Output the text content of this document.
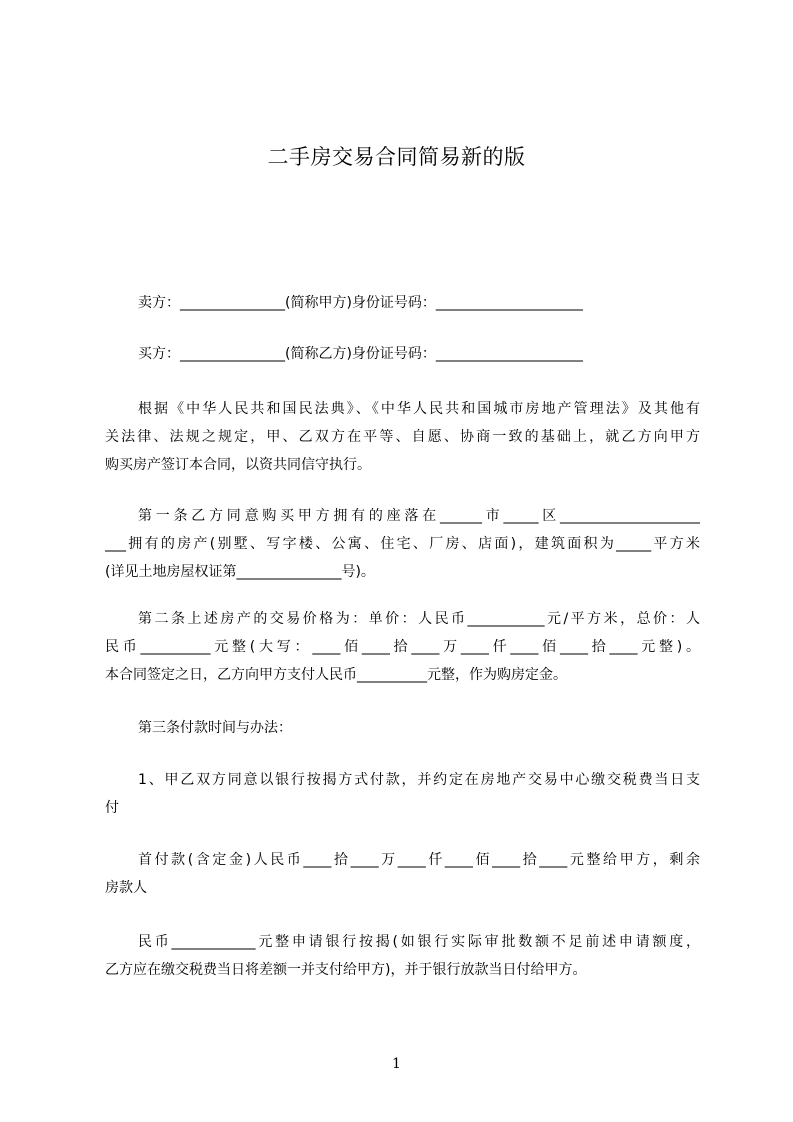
二手房交易合同简易新的版
卖方：_______________(简称甲方)身份证号码：_____________________
买方：_______________(简称乙方)身份证号码：_____________________
根据《中华人民共和国民法典》、《中华人民共和国城市房地产管理法》及其他有
关法律、法规之规定，甲、乙双方在平等、自愿、协商一致的基础上，就乙方向甲方
购买房产签订本合同，以资共同信守执行。
第一条乙方同意购买甲方拥有的座落在______市_____区____________________
___拥有的房产(别墅、写字楼、公寓、住宅、厂房、店面)，建筑面积为_____平方米
(详见土地房屋权证第_______________号)。
第二条上述房产的交易价格为：单价：人民币___________元/平方米，总价：人
民币__________元整(大写：____佰____拾____万____仟____佰____拾____元整)。
本合同签定之日，乙方向甲方支付人民币__________元整，作为购房定金。
第三条付款时间与办法：
1、甲乙双方同意以银行按揭方式付款，并约定在房地产交易中心缴交税费当日支
付
首付款(含定金)人民币____拾____万____仟____佰____拾____元整给甲方，剩余
房款人
民币____________元整申请银行按揭(如银行实际审批数额不足前述申请额度，
乙方应在缴交税费当日将差额一并支付给甲方)，并于银行放款当日付给甲方。
1
